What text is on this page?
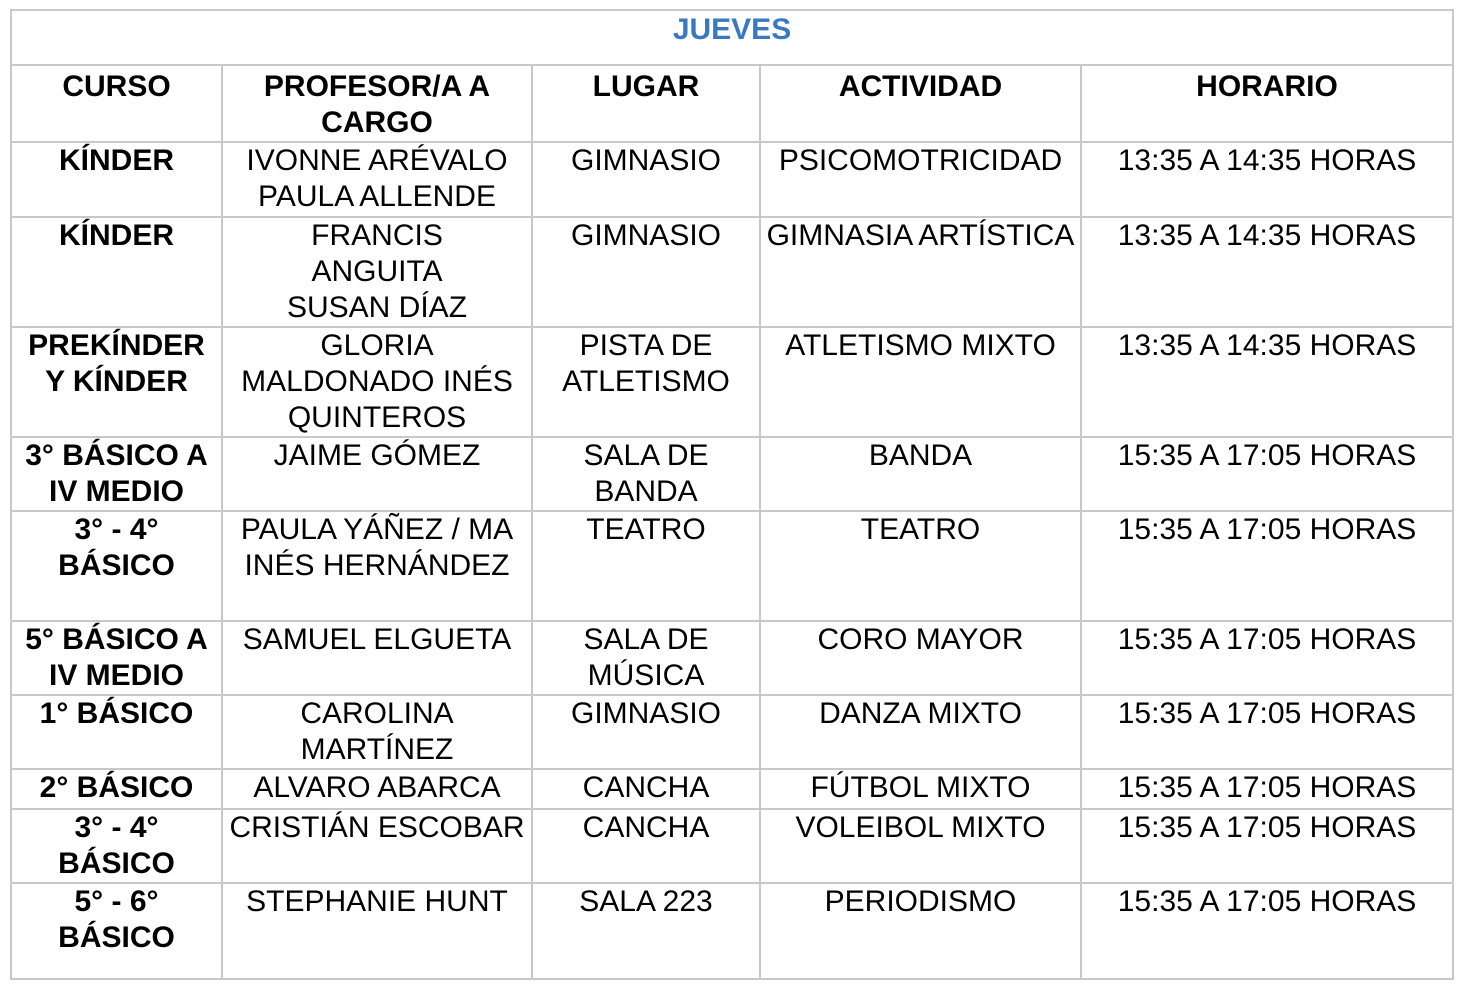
JUEVES				
CURSO	PROFESOR/A A CARGO	LUGAR	ACTIVIDAD	HORARIO
KÍNDER	IVONNE ARÉVALO PAULA ALLENDE	GIMNASIO	PSICOMOTRICIDAD	13:35 A 14:35 HORAS
KÍNDER	FRANCIS ANGUITA SUSAN DÍAZ	GIMNASIO	GIMNASIA ARTÍSTICA	13:35 A 14:35 HORAS
PREKÍNDER Y KÍNDER	GLORIA MALDONADO INÉS QUINTEROS	PISTA DE ATLETISMO	ATLETISMO MIXTO	13:35 A 14:35 HORAS
3° BÁSICO A IV MEDIO	JAIME GÓMEZ	SALA DE BANDA	BANDA	15:35 A 17:05 HORAS
3° - 4° BÁSICO	PAULA YÁÑEZ / MA INÉS HERNÁNDEZ	TEATRO	TEATRO	15:35 A 17:05 HORAS
5° BÁSICO A IV MEDIO	SAMUEL ELGUETA	SALA DE MÚSICA	CORO MAYOR	15:35 A 17:05 HORAS
1° BÁSICO	CAROLINA MARTÍNEZ	GIMNASIO	DANZA MIXTO	15:35 A 17:05 HORAS
2° BÁSICO	ALVARO ABARCA	CANCHA	FÚTBOL MIXTO	15:35 A 17:05 HORAS
3° - 4° BÁSICO	CRISTIÁN ESCOBAR	CANCHA	VOLEIBOL MIXTO	15:35 A 17:05 HORAS
5° - 6° BÁSICO	STEPHANIE HUNT	SALA 223	PERIODISMO	15:35 A 17:05 HORAS
